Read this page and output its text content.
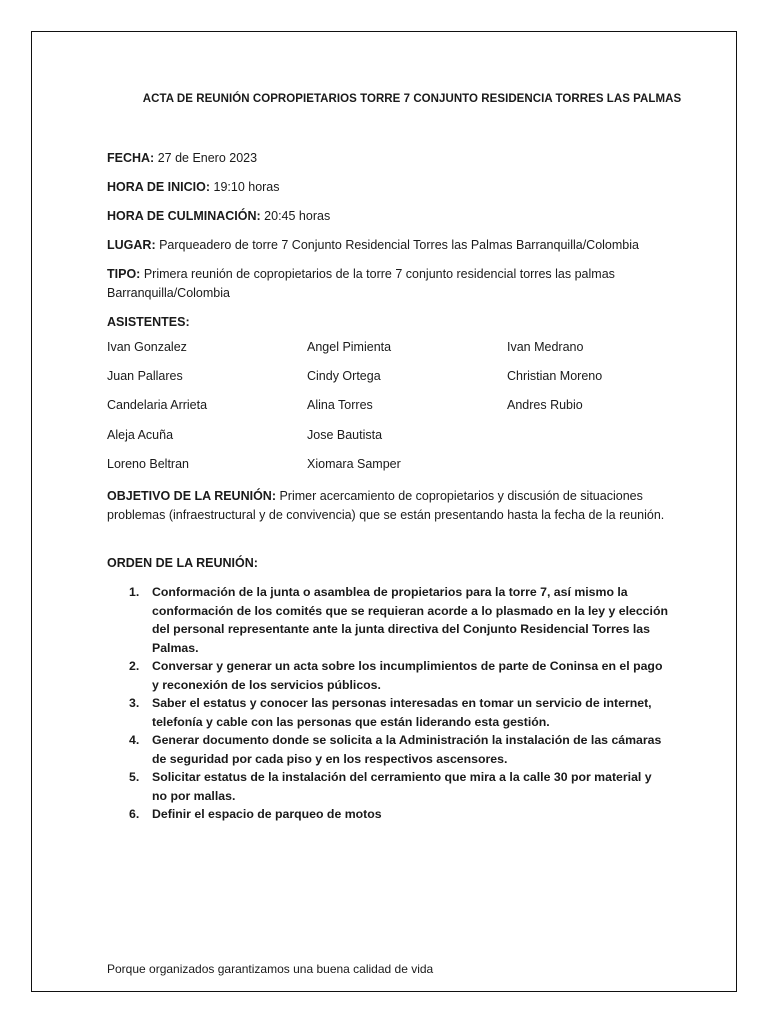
ACTA DE REUNIÓN COPROPIETARIOS TORRE 7 CONJUNTO RESIDENCIA TORRES LAS PALMAS
FECHA: 27 de Enero 2023
HORA DE INICIO: 19:10 horas
HORA DE CULMINACIÓN: 20:45 horas
LUGAR: Parqueadero de torre 7 Conjunto Residencial Torres las Palmas Barranquilla/Colombia
TIPO: Primera reunión de copropietarios de la torre 7 conjunto residencial torres las palmas Barranquilla/Colombia
ASISTENTES:
Ivan Gonzalez	Angel Pimienta	Ivan Medrano
Juan Pallares	Cindy Ortega	Christian Moreno
Candelaria Arrieta	Alina Torres	Andres Rubio
Aleja Acuña	Jose Bautista
Loreno Beltran	Xiomara Samper
OBJETIVO DE LA REUNIÓN: Primer acercamiento de copropietarios y discusión de situaciones problemas (infraestructural y de convivencia) que se están presentando hasta la fecha de la reunión.
ORDEN DE LA REUNIÓN:
1. Conformación de la junta o asamblea de propietarios para la torre 7, así mismo la conformación de los comités que se requieran acorde a lo plasmado en la ley y elección del personal representante ante la junta directiva del Conjunto Residencial Torres las Palmas.
2. Conversar y generar un acta sobre los incumplimientos de parte de Coninsa en el pago y reconexión de los servicios públicos.
3. Saber el estatus y conocer las personas interesadas en tomar un servicio de internet, telefonía y cable con las personas que están liderando esta gestión.
4. Generar documento donde se solicita a la Administración la instalación de las cámaras de seguridad por cada piso y en los respectivos ascensores.
5. Solicitar estatus de la instalación del cerramiento que mira a la calle 30 por material y no por mallas.
6. Definir el espacio de parqueo de motos
Porque organizados garantizamos una buena calidad de vida
